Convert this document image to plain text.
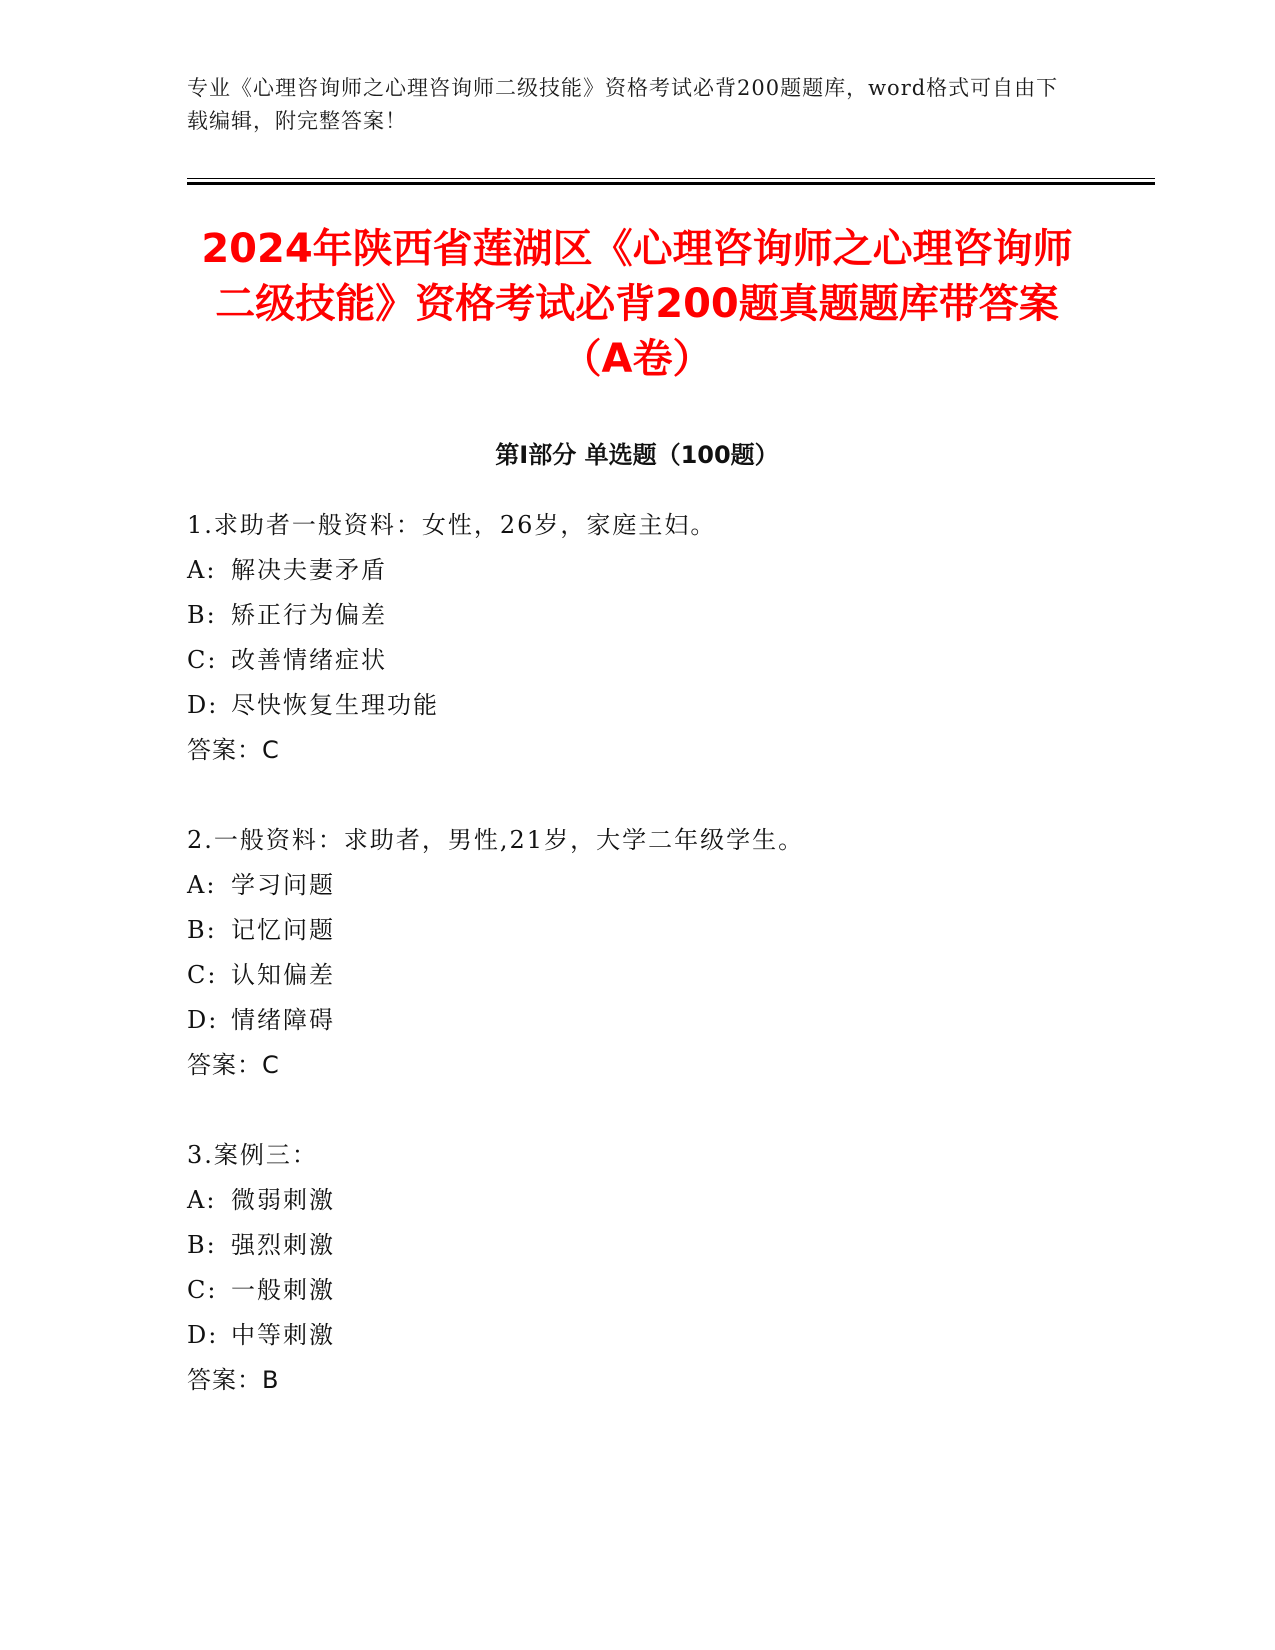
专业《心理咨询师之心理咨询师二级技能》资格考试必背200题题库，word格式可自由下载编辑，附完整答案！
2024年陕西省莲湖区《心理咨询师之心理咨询师二级技能》资格考试必背200题真题题库带答案（A卷）
第Ⅰ部分 单选题（100题）
1.求助者一般资料：女性，26岁，家庭主妇。
A: 解决夫妻矛盾
B: 矫正行为偏差
C: 改善情绪症状
D: 尽快恢复生理功能
答案：C
2.一般资料：求助者，男性,21岁，大学二年级学生。
A: 学习问题
B: 记忆问题
C: 认知偏差
D: 情绪障碍
答案：C
3.案例三：
A: 微弱刺激
B: 强烈刺激
C: 一般刺激
D: 中等刺激
答案：B
